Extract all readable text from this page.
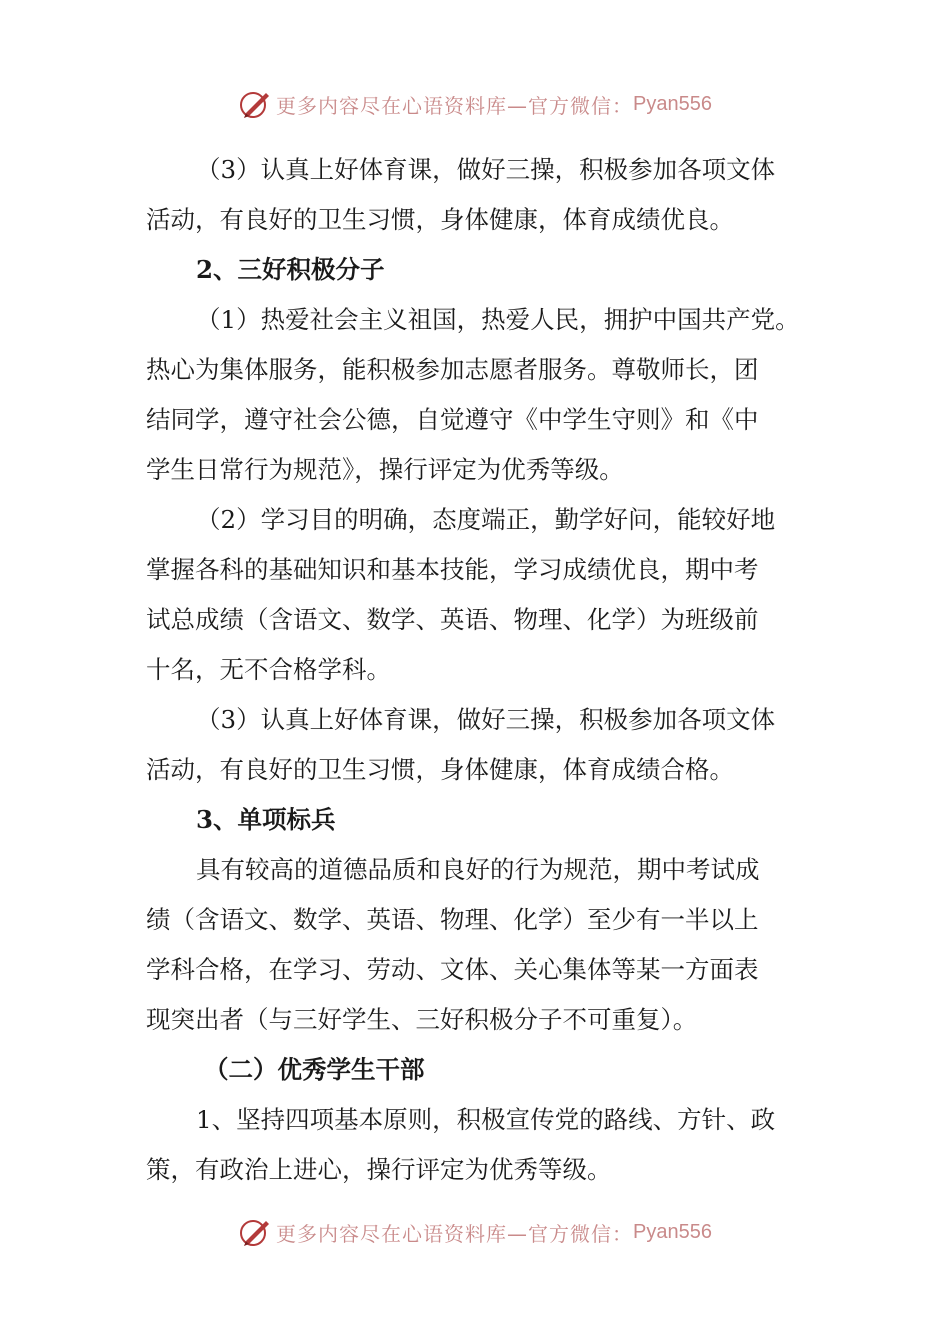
更多内容尽在心语资料库—官方微信： Pyan556
（3）认真上好体育课，做好三操，积极参加各项文体
活动，有良好的卫生习惯，身体健康，体育成绩优良。
2、三好积极分子
（1）热爱社会主义祖国，热爱人民，拥护中国共产党。
热心为集体服务，能积极参加志愿者服务。尊敬师长，团
结同学，遵守社会公德，自觉遵守《中学生守则》和《中
学生日常行为规范》，操行评定为优秀等级。
（2）学习目的明确，态度端正，勤学好问，能较好地
掌握各科的基础知识和基本技能，学习成绩优良，期中考
试总成绩（含语文、数学、英语、物理、化学）为班级前
十名，无不合格学科。
（3）认真上好体育课，做好三操，积极参加各项文体
活动，有良好的卫生习惯，身体健康，体育成绩合格。
3、单项标兵
具有较高的道德品质和良好的行为规范，期中考试成
绩（含语文、数学、英语、物理、化学）至少有一半以上
学科合格，在学习、劳动、文体、关心集体等某一方面表
现突出者（与三好学生、三好积极分子不可重复）。
（二）优秀学生干部
1、坚持四项基本原则，积极宣传党的路线、方针、政
策，有政治上进心，操行评定为优秀等级。
更多内容尽在心语资料库—官方微信： Pyan556
